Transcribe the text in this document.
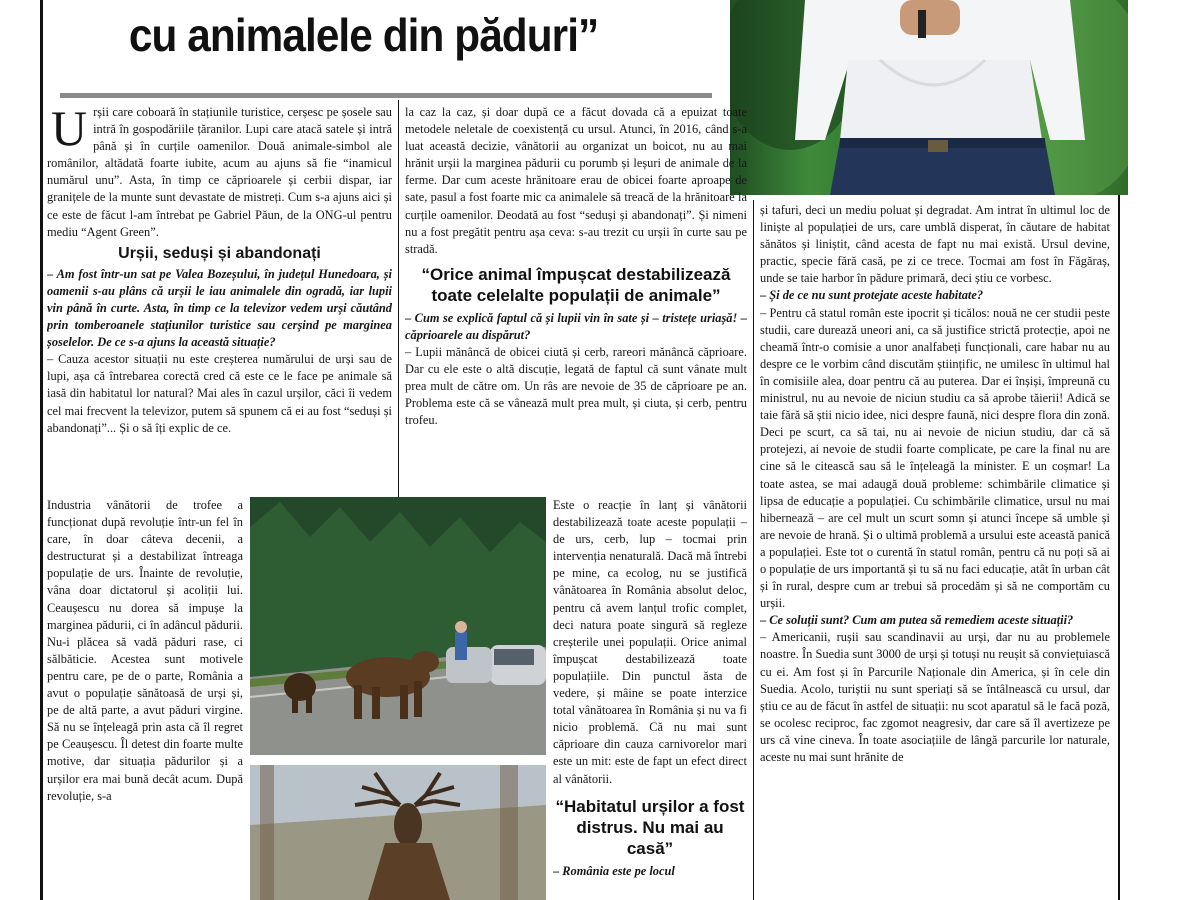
cu animalele din păduri”
U rșii care coboară în stațiunile turistice, cerșesc pe șosele sau intră în gospodăriile țăranilor. Lupi care atacă satele și intră până și în curțile oamenilor. Două animale-simbol ale românilor, altădată foarte iubite, acum au ajuns să fie “inamicul numărul unu”. Asta, în timp ce căprioarele și cerbii dispar, iar granițele de la munte sunt devastate de mistreți. Cum s-a ajuns aici și ce este de făcut l-am întrebat pe Gabriel Păun, de la ONG-ul pentru mediu “Agent Green”.

Urșii, seduși și abandonați

– Am fost într-un sat pe Valea Bozeșului, în județul Hunedoara, și oamenii s-au plâns că urșii le iau animalele din ogradă, iar lupii vin până în curte. Asta, în timp ce la televizor vedem urși căutând prin tomberoanele stațiunilor turistice sau cerșind pe marginea șoselelor. De ce s-a ajuns la această situație?

– Cauza acestor situații nu este creșterea numărului de urși sau de lupi, așa că întrebarea corectă cred că este ce le face pe animale să iasă din habitatul lor natural? Mai ales în cazul urșilor, căci îi vedem cel mai frecvent la televizor, putem să spunem că ei au fost “seduși și abandonați”... Și o să îți explic de ce.

Industria vânătorii de trofee a funcționat după revoluție într-un fel în care, în doar câteva decenii, a destructurat și a destabilizat întreaga populație de urs. Înainte de revoluție, vâna doar dictatorul și acoliții lui. Ceaușescu nu dorea să impușe la marginea pădurii, ci în adâncul pădurii. Nu-i plăcea să vadă păduri rase, ci sălbăticie. Acestea sunt motivele pentru care, pe de o parte, România a avut o populație sănătoasă de urși și, pe de altă parte, a avut păduri virgine. Să nu se înțeleagă prin asta că îl regret pe Ceaușescu. Îl detest din foarte multe motive, dar situația pădurilor și a urșilor era mai bună decât acum. După revoluție, s-a

la caz la caz, și doar după ce a făcut dovada că a epuizat toate metodele neletale de coexistență cu ursul. Atunci, în 2016, când s-a luat această decizie, vânătorii au organizat un boicot, nu au mai hrănit urșii la marginea pădurii cu porumb și leșuri de animale de la ferme. Dar cum aceste hrănitoare erau de obicei foarte aproape de sate, pasul a fost foarte mic ca animalele să treacă de la hrănitoare la curțile oamenilor. Deodată au fost “seduși și abandonați”. Și nimeni nu a fost pregătit pentru așa ceva: s-au trezit cu urșii în curte sau pe stradă.

“Orice animal împușcat destabilizează toate celelalte populații de animale”

– Cum se explică faptul că și lupii vin în sate și – tristețe uriașă! – căprioarele au dispărut?

– Lupii mănâncă de obicei ciută și cerb, rareori mănâncă căprioare. Dar cu ele este o altă discuție, legată de faptul că sunt vânate mult prea mult de către om. Un râs are nevoie de 35 de căprioare pe an. Problema este că se vânează mult prea mult, și ciuta, și cerb, pentru trofeu.

Este o reacție în lanț și vânătorii destabilizează toate aceste populații – de urs, cerb, lup – tocmai prin intervenția nenaturală. Dacă mă întrebi pe mine, ca ecolog, nu se justifică vânătoarea în România absolut deloc, pentru că avem lanțul trofic complet, deci natura poate singură să regleze creșterile unei populații. Orice animal împușcat destabilizează toate populațiile. Din punctul ăsta de vedere, și mâine se poate interzice total vânătoarea în România și nu va fi nicio problemă. Că nu mai sunt căprioare din cauza carnivorelor mari este un mit: este de fapt un efect direct al vânătorii.

“Habitatul urșilor a fost distrus. Nu mai au casă”

– România este pe locul

și tafuri, deci un mediu poluat și degradat. Am intrat în ultimul loc de liniște al populației de urs, care umblă disperat, în căutare de habitat sănătos și liniștit, când acesta de fapt nu mai există. Ursul devine, practic, specie fără casă, pe zi ce trece. Tocmai am fost în Făgăraș, unde se taie harbor în pădure primară, deci știu ce vorbesc.

– Și de ce nu sunt protejate aceste habitate?

– Pentru că statul român este ipocrit și ticălos: nouă ne cer studii peste studii, care durează uneori ani, ca să justifice strictă protecție, apoi ne cheamă într-o comisie a unor analfabeți funcționali, care habar nu au despre ce le vorbim când discutăm științific, ne umilesc în ultimul hal în comisiile alea, doar pentru că au puterea. Dar ei înșiși, împreună cu ministrul, nu au nevoie de niciun studiu ca să aprobe tăierii! Adică se taie fără să știi nicio idee, nici despre faună, nici despre flora din zonă. Deci pe scurt, ca să tai, nu ai nevoie de niciun studiu, dar că să protejezi, ai nevoie de studii foarte complicate, pe care la final nu are cine să le citească sau să le înțeleagă la minister. E un coșmar! La toate astea, se mai adaugă două probleme: schimbările climatice și lipsa de educație a populației. Cu schimbările climatice, ursul nu mai hibernează – are cel mult un scurt somn și atunci începe să umble și are nevoie de hrană. Și o ultimă problemă a ursului este această panică a populației. Este tot o curentă în statul român, pentru că nu poți să ai o populație de urs importantă și tu să nu faci educație, atât în urban cât și în rural, despre cum ar trebui să procedăm și să ne comportăm cu urșii.

– Ce soluții sunt? Cum am putea să remediem aceste situații?

– Americanii, rușii sau scandinavii au urși, dar nu au problemele noastre. În Suedia sunt 3000 de urși și totuși nu reușit să conviețuiască cu ei. Am fost și în Parcurile Naționale din America, și în cele din Suedia. Acolo, turiștii nu sunt speriați să se întâlnească cu ursul, dar știu ce au de făcut în astfel de situații: nu scot aparatul să le facă poză, se ocolesc reciproc, fac zgomot neagresiv, dar care să îl avertizeze pe urs că vine cineva. În toate asociațiile de lângă parcurile lor naturale, aceste nu mai sunt hrănite de
